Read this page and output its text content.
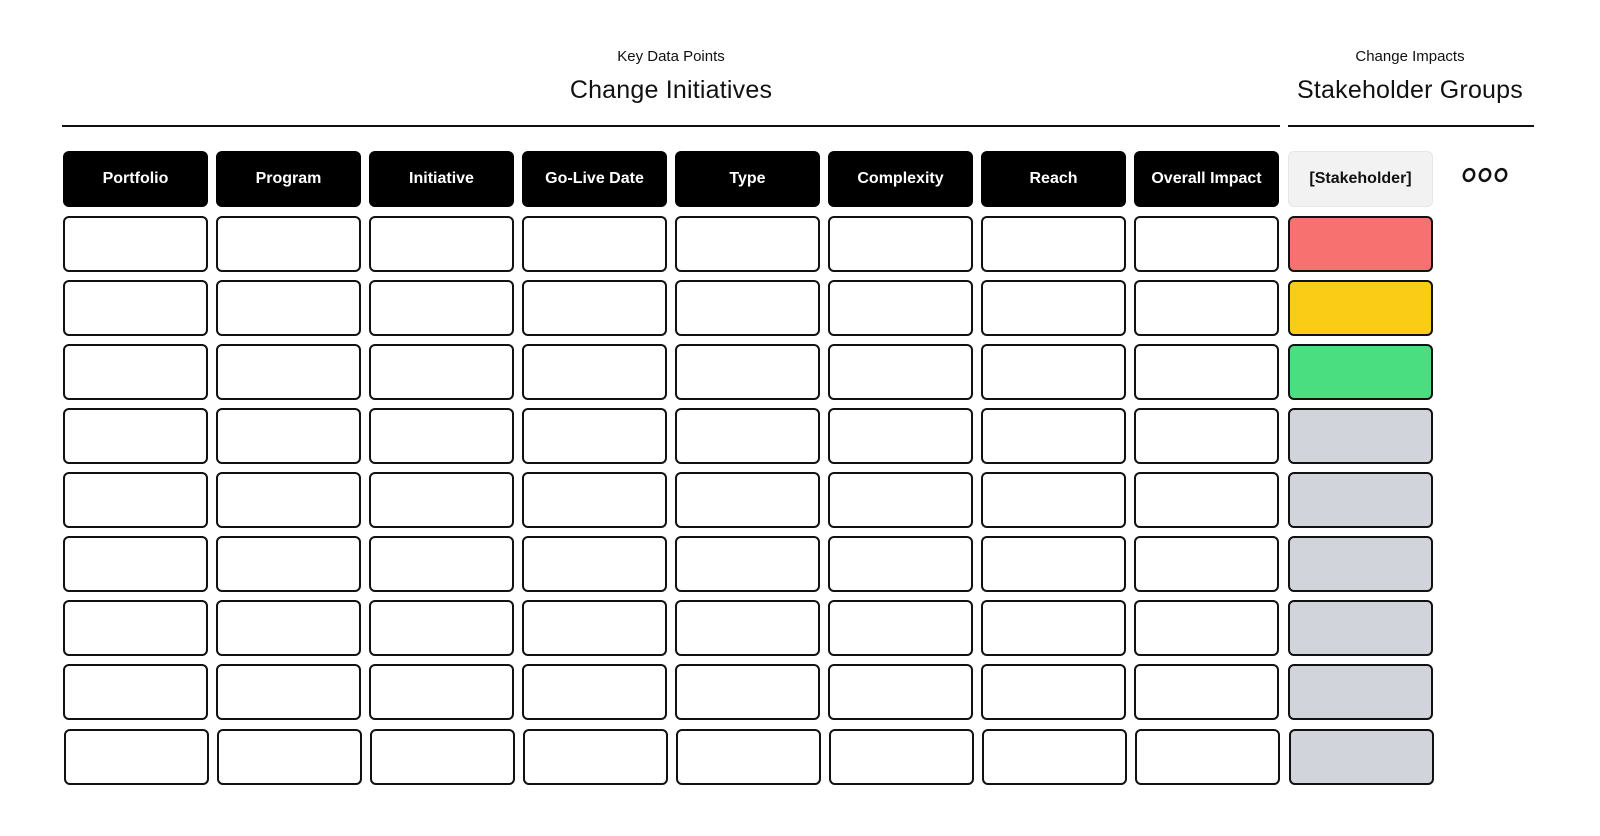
Key Data Points
Change Initiatives
Change Impacts
Stakeholder Groups
Portfolio	Program	Initiative	Go-Live Date	Type	Complexity	Reach	Overall Impact	[Stakeholder]
